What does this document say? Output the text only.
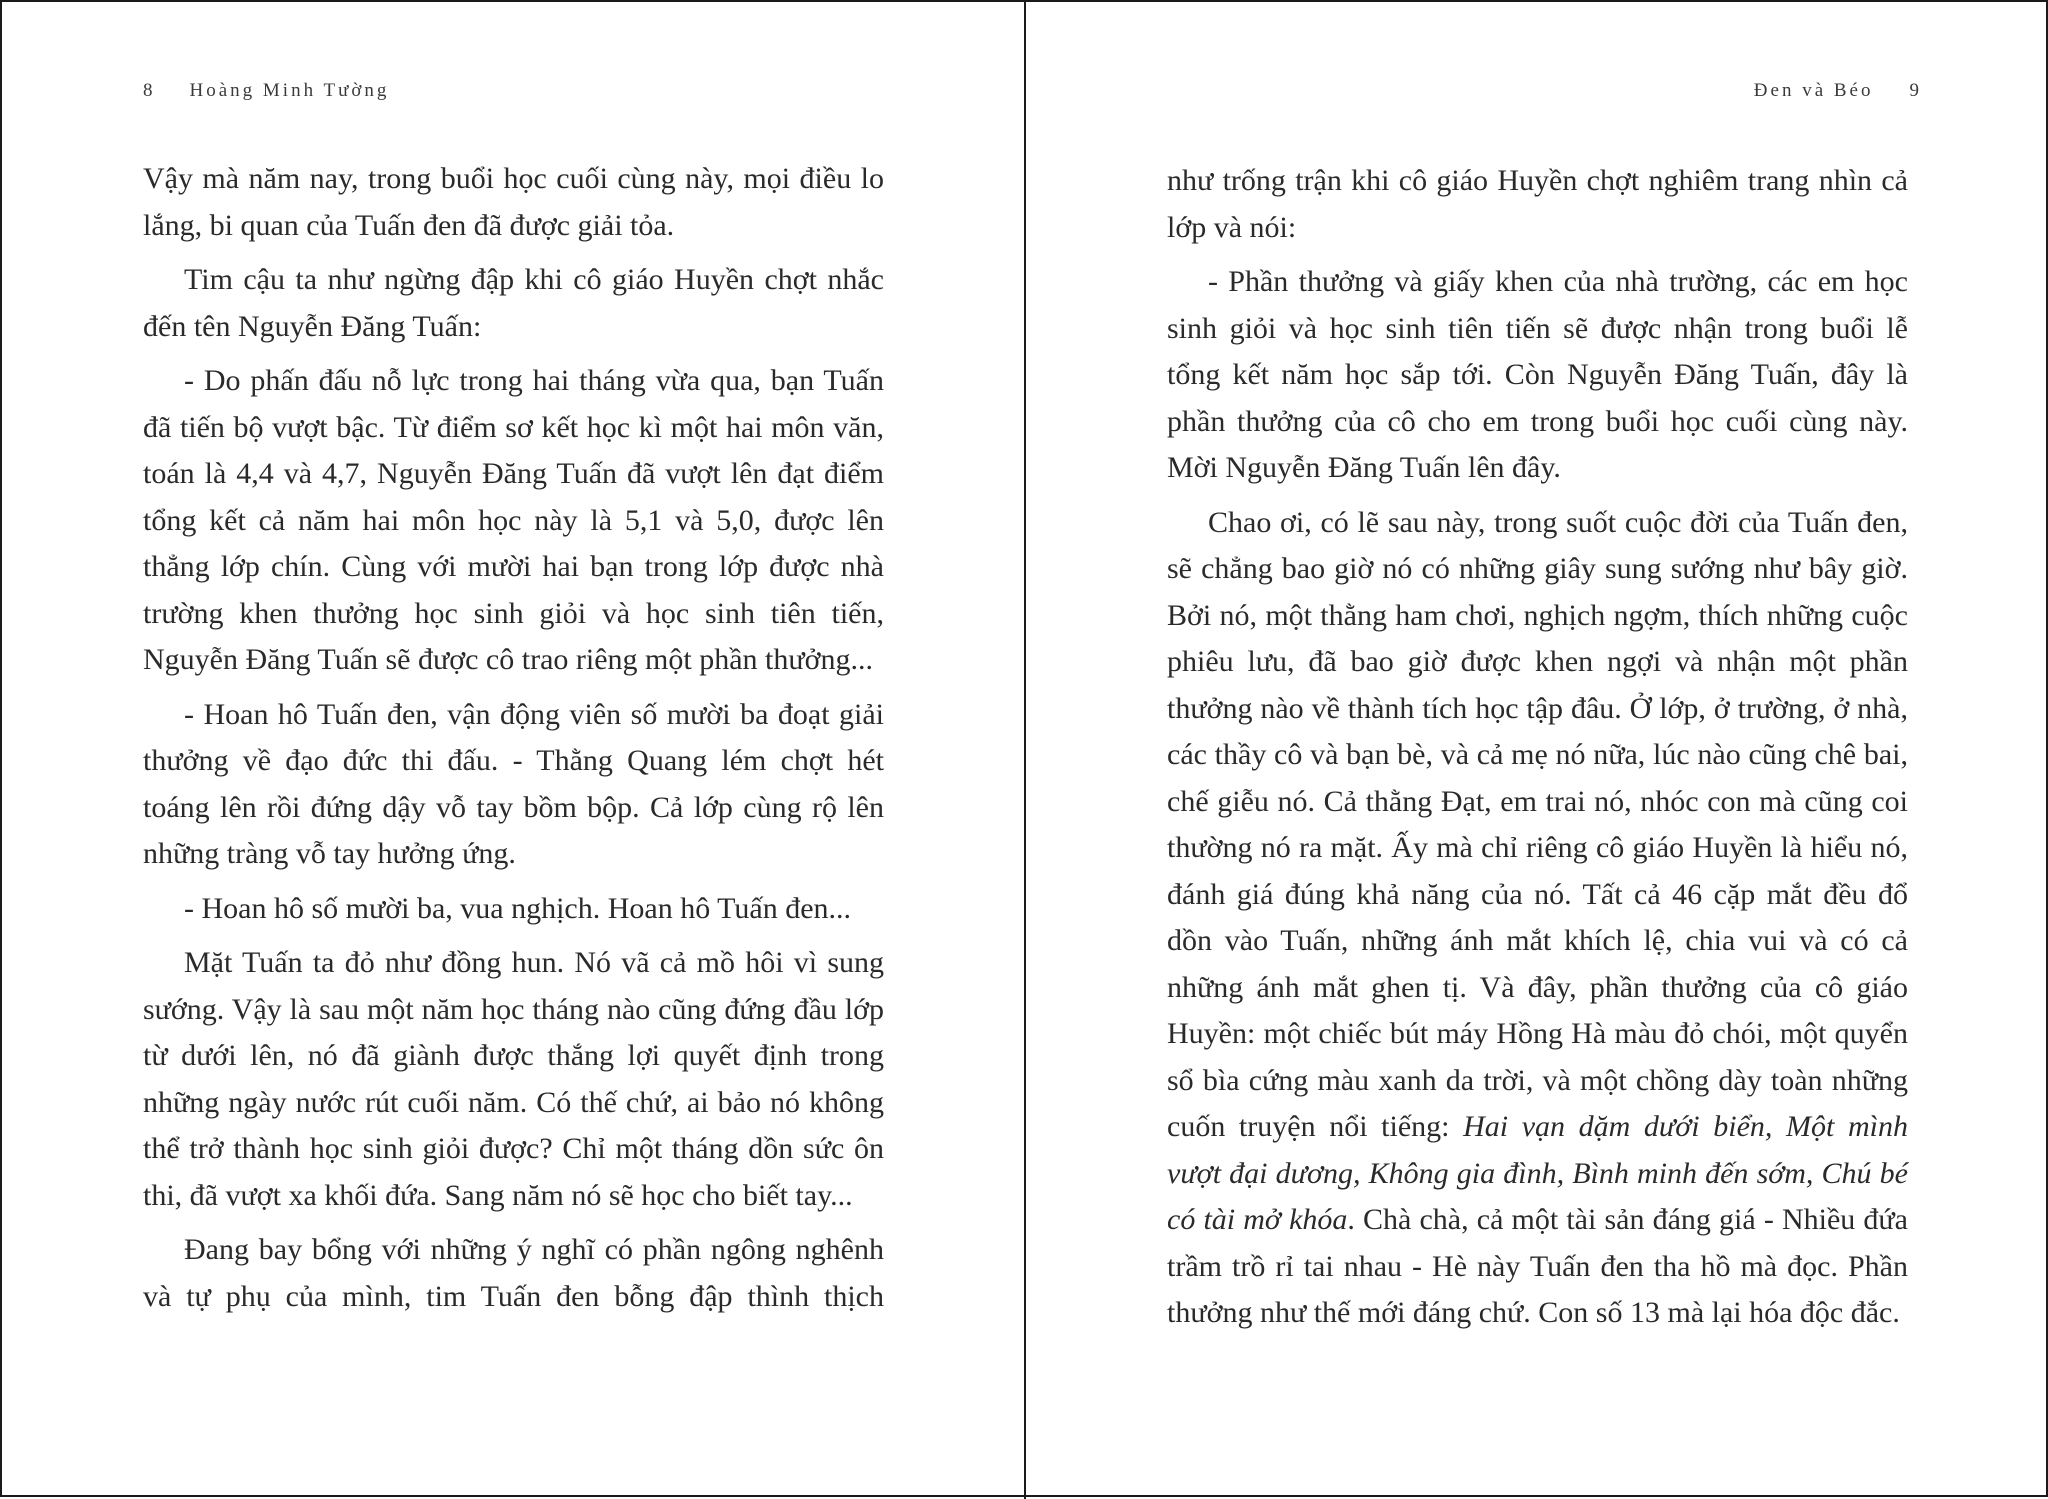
8 Hoàng Minh Tường

Vậy mà năm nay, trong buổi học cuối cùng này, mọi điều lo lắng, bi quan của Tuấn đen đã được giải tỏa.

Tim cậu ta như ngừng đập khi cô giáo Huyền chợt nhắc đến tên Nguyễn Đăng Tuấn:

- Do phấn đấu nỗ lực trong hai tháng vừa qua, bạn Tuấn đã tiến bộ vượt bậc. Từ điểm sơ kết học kì một hai môn văn, toán là 4,4 và 4,7, Nguyễn Đăng Tuấn đã vượt lên đạt điểm tổng kết cả năm hai môn học này là 5,1 và 5,0, được lên thẳng lớp chín. Cùng với mười hai bạn trong lớp được nhà trường khen thưởng học sinh giỏi và học sinh tiên tiến, Nguyễn Đăng Tuấn sẽ được cô trao riêng một phần thưởng...

- Hoan hô Tuấn đen, vận động viên số mười ba đoạt giải thưởng về đạo đức thi đấu. - Thằng Quang lém chợt hét toáng lên rồi đứng dậy vỗ tay bồm bộp. Cả lớp cùng rộ lên những tràng vỗ tay hưởng ứng.

- Hoan hô số mười ba, vua nghịch. Hoan hô Tuấn đen...

Mặt Tuấn ta đỏ như đồng hun. Nó vã cả mồ hôi vì sung sướng. Vậy là sau một năm học tháng nào cũng đứng đầu lớp từ dưới lên, nó đã giành được thắng lợi quyết định trong những ngày nước rút cuối năm. Có thế chứ, ai bảo nó không thể trở thành học sinh giỏi được? Chỉ một tháng dồn sức ôn thi, đã vượt xa khối đứa. Sang năm nó sẽ học cho biết tay...

Đang bay bổng với những ý nghĩ có phần ngông nghênh và tự phụ của mình, tim Tuấn đen bỗng đập thình thịch

Đen và Béo 9

như trống trận khi cô giáo Huyền chợt nghiêm trang nhìn cả lớp và nói:

- Phần thưởng và giấy khen của nhà trường, các em học sinh giỏi và học sinh tiên tiến sẽ được nhận trong buổi lễ tổng kết năm học sắp tới. Còn Nguyễn Đăng Tuấn, đây là phần thưởng của cô cho em trong buổi học cuối cùng này. Mời Nguyễn Đăng Tuấn lên đây.

Chao ơi, có lẽ sau này, trong suốt cuộc đời của Tuấn đen, sẽ chẳng bao giờ nó có những giây sung sướng như bây giờ. Bởi nó, một thằng ham chơi, nghịch ngợm, thích những cuộc phiêu lưu, đã bao giờ được khen ngợi và nhận một phần thưởng nào về thành tích học tập đâu. Ở lớp, ở trường, ở nhà, các thầy cô và bạn bè, và cả mẹ nó nữa, lúc nào cũng chê bai, chế giễu nó. Cả thằng Đạt, em trai nó, nhóc con mà cũng coi thường nó ra mặt. Ấy mà chỉ riêng cô giáo Huyền là hiểu nó, đánh giá đúng khả năng của nó. Tất cả 46 cặp mắt đều đổ dồn vào Tuấn, những ánh mắt khích lệ, chia vui và có cả những ánh mắt ghen tị. Và đây, phần thưởng của cô giáo Huyền: một chiếc bút máy Hồng Hà màu đỏ chói, một quyển sổ bìa cứng màu xanh da trời, và một chồng dày toàn những cuốn truyện nổi tiếng: Hai vạn dặm dưới biển, Một mình vượt đại dương, Không gia đình, Bình minh đến sớm, Chú bé có tài mở khóa. Chà chà, cả một tài sản đáng giá - Nhiều đứa trầm trồ rỉ tai nhau - Hè này Tuấn đen tha hồ mà đọc. Phần thưởng như thế mới đáng chứ. Con số 13 mà lại hóa độc đắc.
